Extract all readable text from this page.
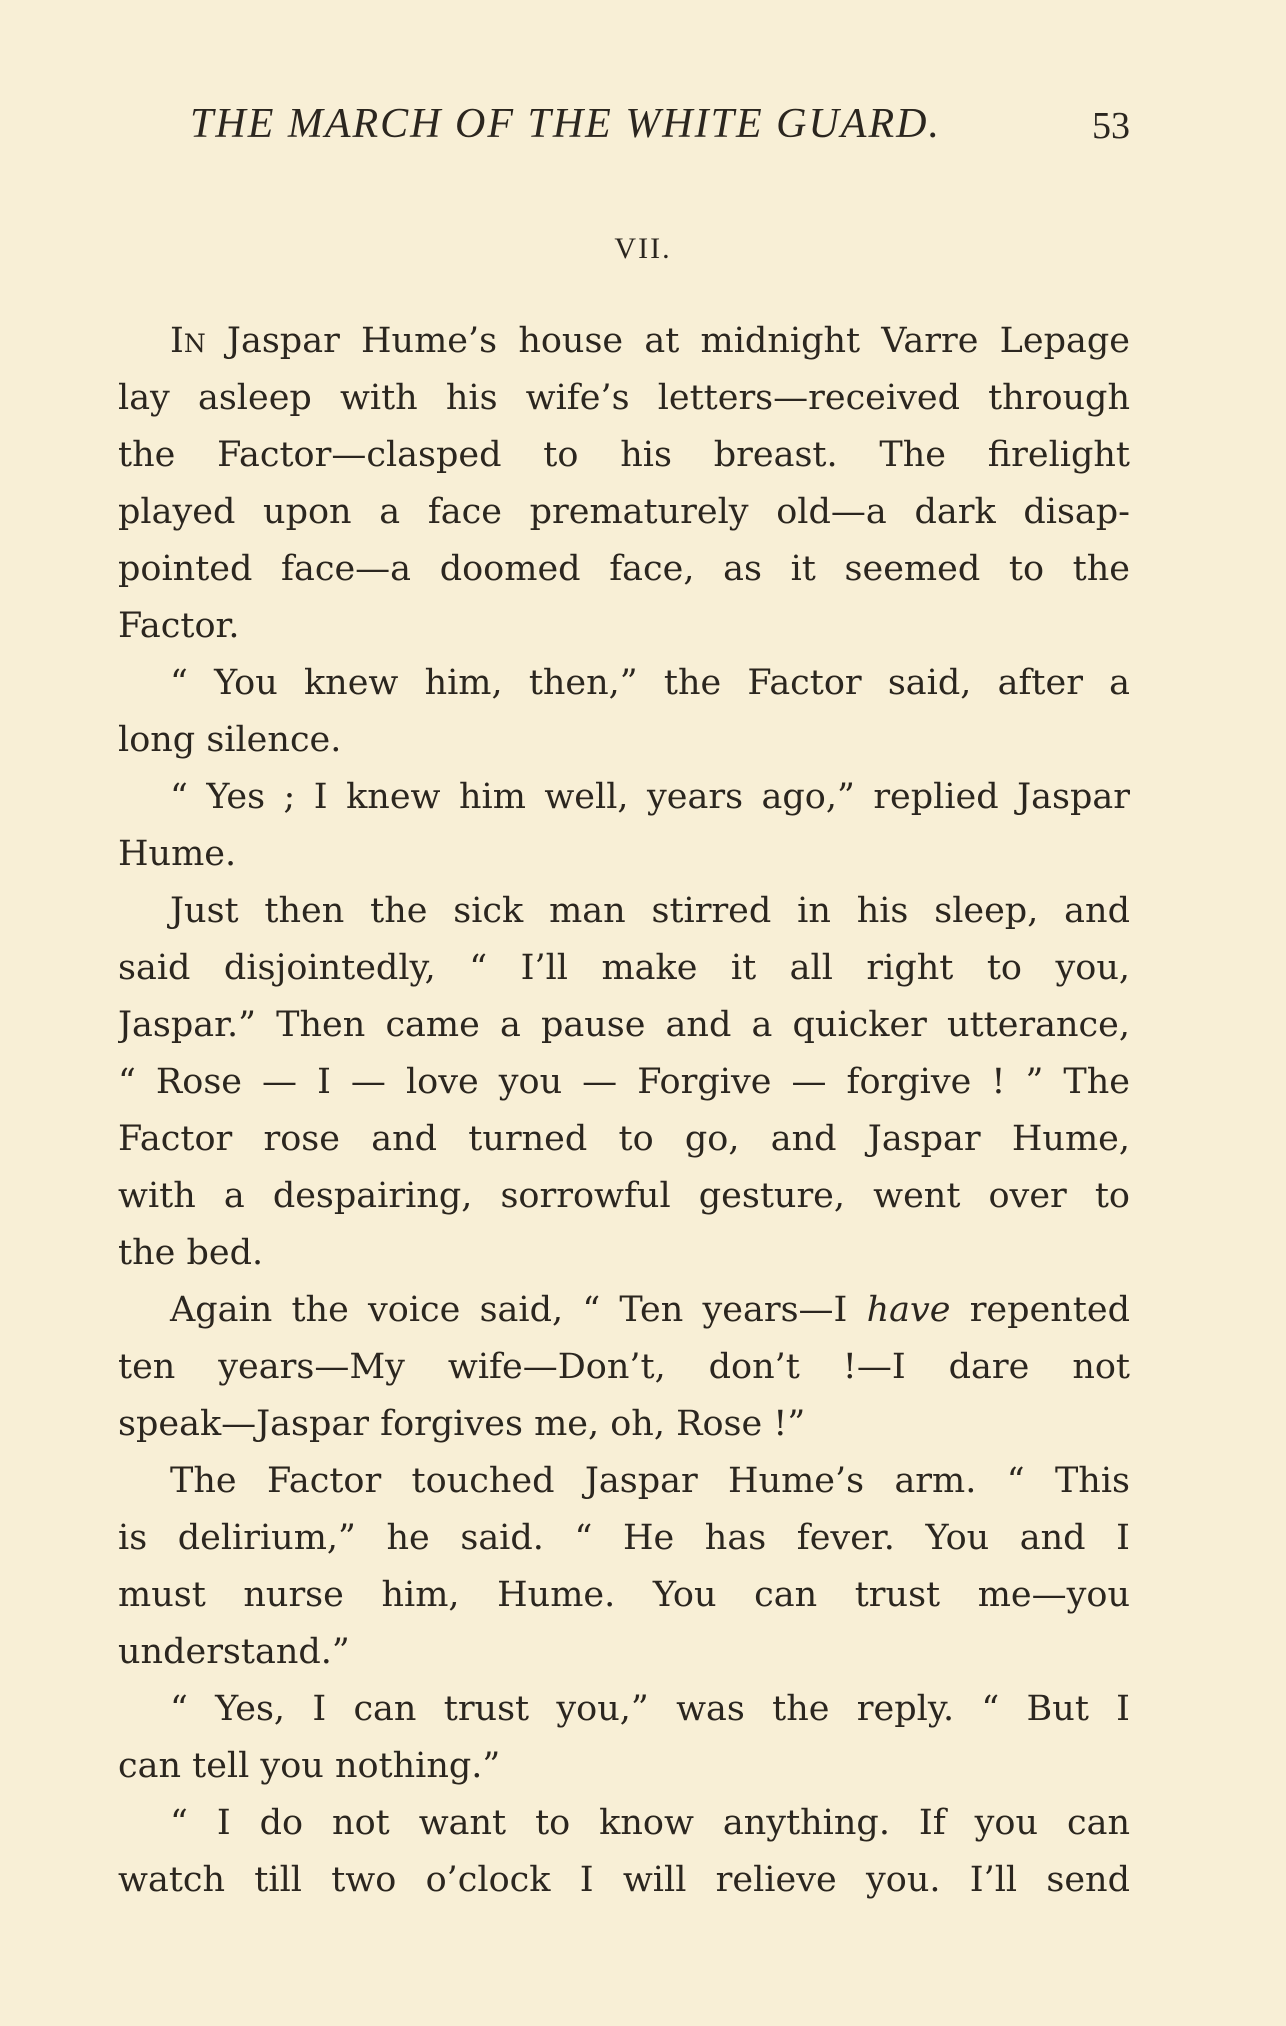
THE MARCH OF THE WHITE GUARD.	53
VII.
In Jaspar Hume’s house at midnight Varre Lepage
lay asleep with his wife’s letters—received through
the Factor—clasped to his breast. The firelight
played upon a face prematurely old—a dark disap-
pointed face—a doomed face, as it seemed to the
Factor.
“ You knew him, then,” the Factor said, after a
long silence.
“ Yes ; I knew him well, years ago,” replied Jaspar
Hume.
Just then the sick man stirred in his sleep, and
said disjointedly, “ I’ll make it all right to you,
Jaspar.” Then came a pause and a quicker utterance,
“ Rose — I — love you — Forgive — forgive ! ” The
Factor rose and turned to go, and Jaspar Hume,
with a despairing, sorrowful gesture, went over to
the bed.
Again the voice said, “ Ten years—I have repented
ten years—My wife—Don’t, don’t !—I dare not
speak—Jaspar forgives me, oh, Rose !”
The Factor touched Jaspar Hume’s arm. “ This
is delirium,” he said. “ He has fever. You and I
must nurse him, Hume. You can trust me—you
understand.”
“ Yes, I can trust you,” was the reply. “ But I
can tell you nothing.”
“ I do not want to know anything. If you can
watch till two o’clock I will relieve you. I’ll send
